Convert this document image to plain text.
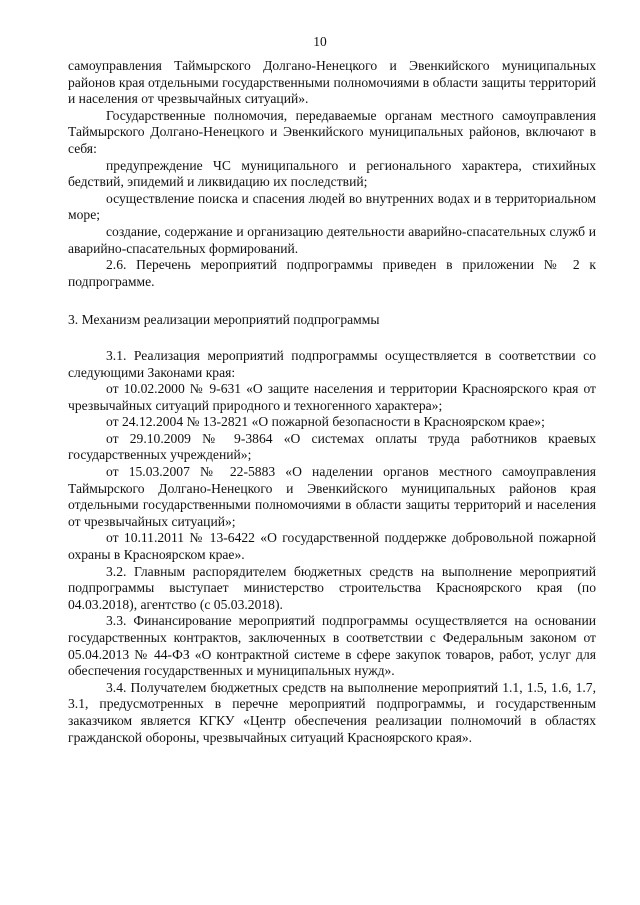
10

самоуправления Таймырского Долгано-Ненецкого и Эвенкийского муниципальных районов края отдельными государственными полномочиями в области защиты территорий и населения от чрезвычайных ситуаций».

Государственные полномочия, передаваемые органам местного самоуправления Таймырского Долгано-Ненецкого и Эвенкийского муниципальных районов, включают в себя:

предупреждение ЧС муниципального и регионального характера, стихийных бедствий, эпидемий и ликвидацию их последствий;

осуществление поиска и спасения людей во внутренних водах и в территориальном море;

создание, содержание и организацию деятельности аварийно-спасательных служб и аварийно-спасательных формирований.

2.6. Перечень мероприятий подпрограммы приведен в приложении № 2 к подпрограмме.

3. Механизм реализации мероприятий подпрограммы

3.1. Реализация мероприятий подпрограммы осуществляется в соответствии со следующими Законами края:

от 10.02.2000 № 9-631 «О защите населения и территории Красноярского края от чрезвычайных ситуаций природного и техногенного характера»;

от 24.12.2004 № 13-2821 «О пожарной безопасности в Красноярском крае»;

от 29.10.2009 № 9-3864 «О системах оплаты труда работников краевых государственных учреждений»;

от 15.03.2007 № 22-5883 «О наделении органов местного самоуправления Таймырского Долгано-Ненецкого и Эвенкийского муниципальных районов края отдельными государственными полномочиями в области защиты территорий и населения от чрезвычайных ситуаций»;

от 10.11.2011 № 13-6422 «О государственной поддержке добровольной пожарной охраны в Красноярском крае».

3.2. Главным распорядителем бюджетных средств на выполнение мероприятий подпрограммы выступает министерство строительства Красноярского края (по 04.03.2018), агентство (с 05.03.2018).

3.3. Финансирование мероприятий подпрограммы осуществляется на основании государственных контрактов, заключенных в соответствии с Федеральным законом от 05.04.2013 № 44-ФЗ «О контрактной системе в сфере закупок товаров, работ, услуг для обеспечения государственных и муниципальных нужд».

3.4. Получателем бюджетных средств на выполнение мероприятий 1.1, 1.5, 1.6, 1.7, 3.1, предусмотренных в перечне мероприятий подпрограммы, и государственным заказчиком является КГКУ «Центр обеспечения реализации полномочий в областях гражданской обороны, чрезвычайных ситуаций Красноярского края».
